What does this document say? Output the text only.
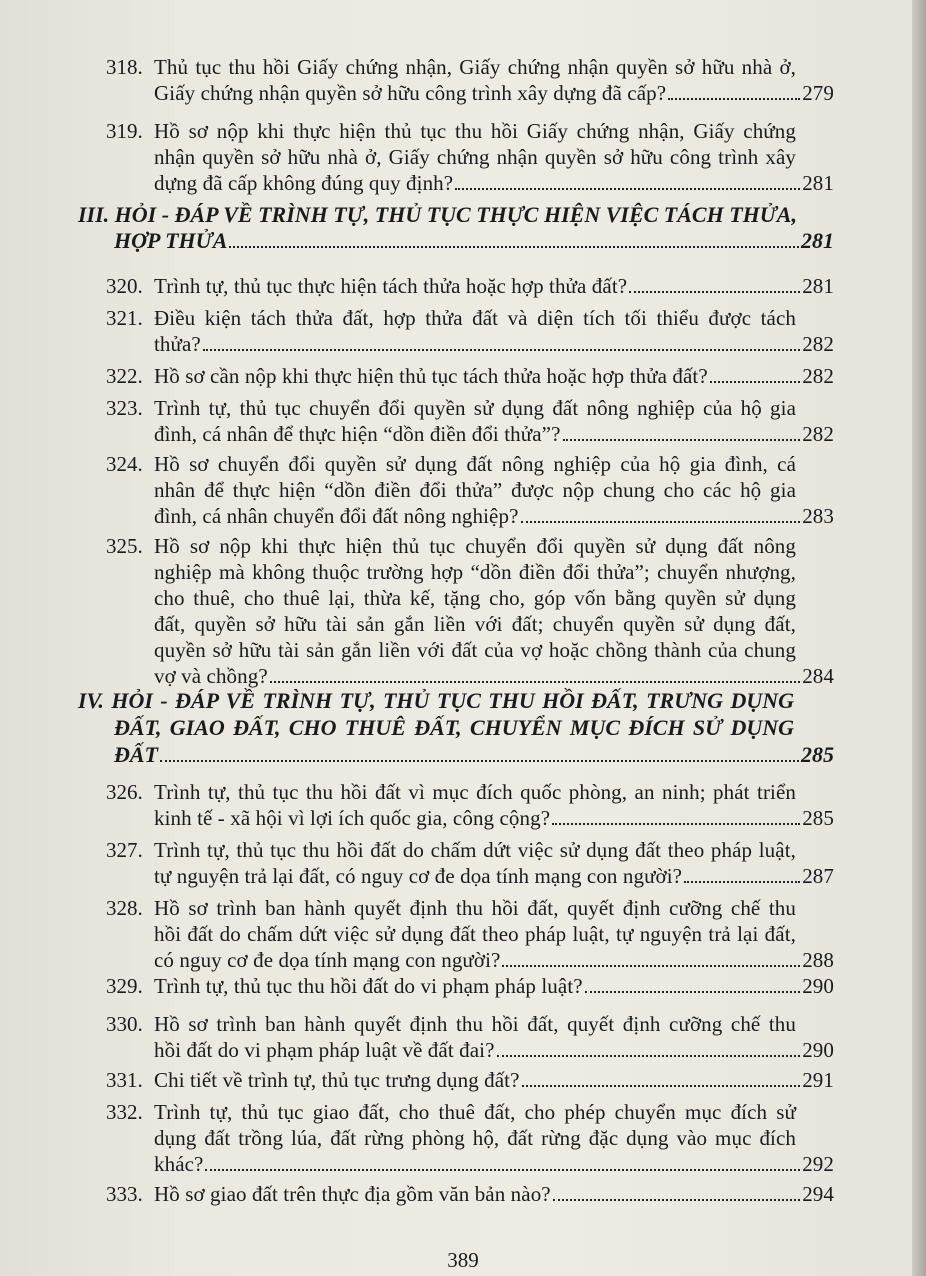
318. Thủ tục thu hồi Giấy chứng nhận, Giấy chứng nhận quyền sở hữu nhà ở,
Giấy chứng nhận quyền sở hữu công trình xây dựng đã cấp?	279
319. Hồ sơ nộp khi thực hiện thủ tục thu hồi Giấy chứng nhận, Giấy chứng
nhận quyền sở hữu nhà ở, Giấy chứng nhận quyền sở hữu công trình xây
dựng đã cấp không đúng quy định?	281
III. HỎI - ĐÁP VỀ TRÌNH TỰ, THỦ TỤC THỰC HIỆN VIỆC TÁCH THỬA,
HỢP THỬA	281
320. Trình tự, thủ tục thực hiện tách thửa hoặc hợp thửa đất?	281
321. Điều kiện tách thửa đất, hợp thửa đất và diện tích tối thiểu được tách
thửa?	282
322. Hồ sơ cần nộp khi thực hiện thủ tục tách thửa hoặc hợp thửa đất?	282
323. Trình tự, thủ tục chuyển đổi quyền sử dụng đất nông nghiệp của hộ gia
đình, cá nhân để thực hiện “dồn điền đổi thửa”?	282
324. Hồ sơ chuyển đổi quyền sử dụng đất nông nghiệp của hộ gia đình, cá
nhân để thực hiện “dồn điền đổi thửa” được nộp chung cho các hộ gia
đình, cá nhân chuyển đổi đất nông nghiệp?	283
325. Hồ sơ nộp khi thực hiện thủ tục chuyển đổi quyền sử dụng đất nông
nghiệp mà không thuộc trường hợp “dồn điền đổi thửa”; chuyển nhượng,
cho thuê, cho thuê lại, thừa kế, tặng cho, góp vốn bằng quyền sử dụng
đất, quyền sở hữu tài sản gắn liền với đất; chuyển quyền sử dụng đất,
quyền sở hữu tài sản gắn liền với đất của vợ hoặc chồng thành của chung
vợ và chồng?	284
IV. HỎI - ĐÁP VỀ TRÌNH TỰ, THỦ TỤC THU HỒI ĐẤT, TRƯNG DỤNG
ĐẤT, GIAO ĐẤT, CHO THUÊ ĐẤT, CHUYỂN MỤC ĐÍCH SỬ DỤNG
ĐẤT	285
326. Trình tự, thủ tục thu hồi đất vì mục đích quốc phòng, an ninh; phát triển
kinh tế - xã hội vì lợi ích quốc gia, công cộng?	285
327. Trình tự, thủ tục thu hồi đất do chấm dứt việc sử dụng đất theo pháp luật,
tự nguyện trả lại đất, có nguy cơ đe dọa tính mạng con người?	287
328. Hồ sơ trình ban hành quyết định thu hồi đất, quyết định cưỡng chế thu
hồi đất do chấm dứt việc sử dụng đất theo pháp luật, tự nguyện trả lại đất,
có nguy cơ đe dọa tính mạng con người?	288
329. Trình tự, thủ tục thu hồi đất do vi phạm pháp luật?	290
330. Hồ sơ trình ban hành quyết định thu hồi đất, quyết định cưỡng chế thu
hồi đất do vi phạm pháp luật về đất đai?	290
331. Chi tiết về trình tự, thủ tục trưng dụng đất?	291
332. Trình tự, thủ tục giao đất, cho thuê đất, cho phép chuyển mục đích sử
dụng đất trồng lúa, đất rừng phòng hộ, đất rừng đặc dụng vào mục đích
khác?	292
333. Hồ sơ giao đất trên thực địa gồm văn bản nào?	294
389
